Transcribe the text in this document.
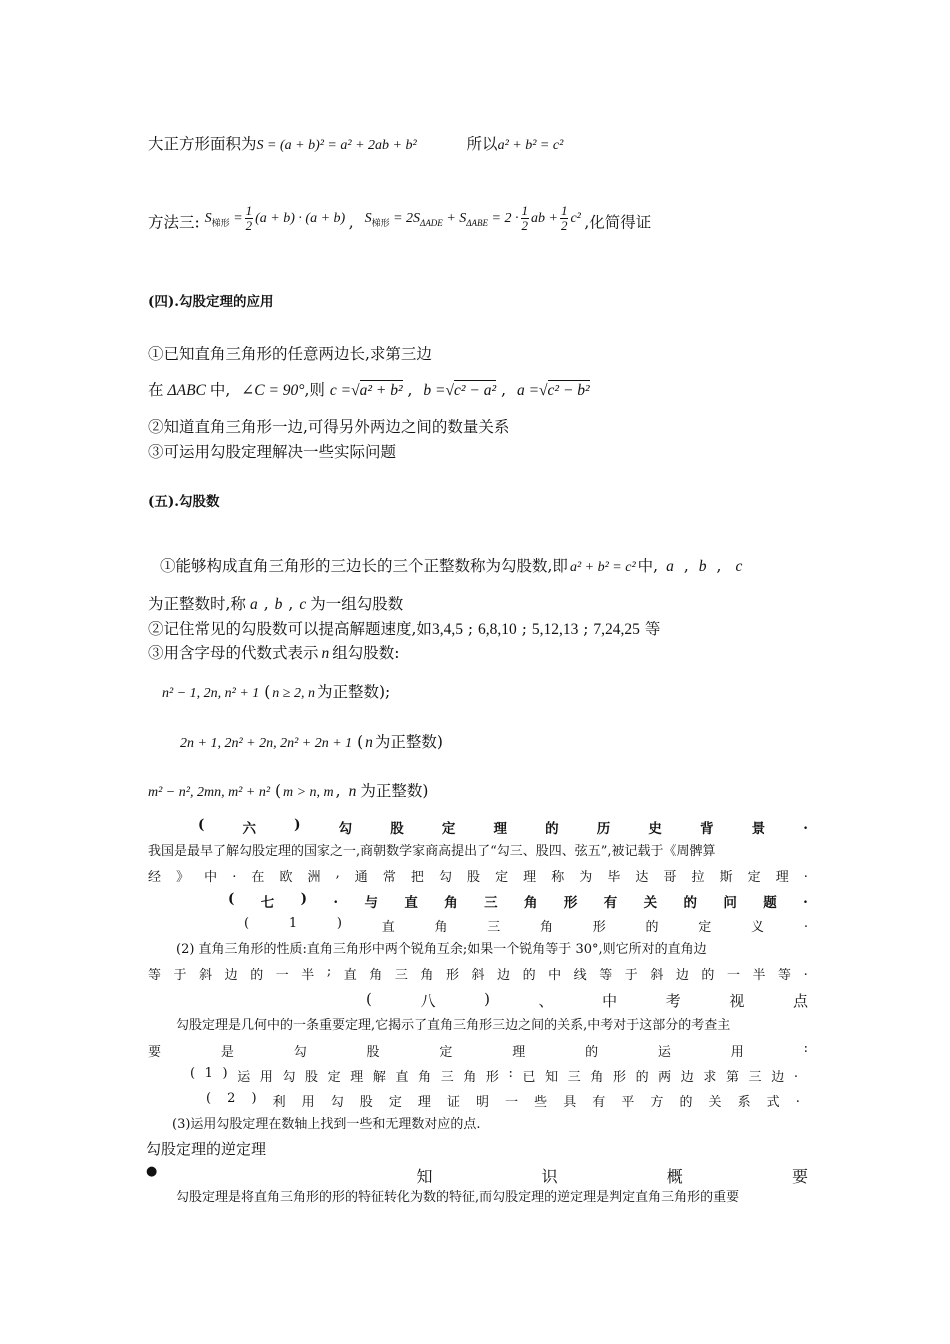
大正方形面积为S = (a + b)² = a² + 2ab + b²	所以a² + b² = c²
方法三: $S_{梯形} = \frac{1}{2} (a + b) \cdot (a + b)$ , $S_{梯形} = 2S_{\Delta ADE} + S_{\Delta ABE} = 2 \cdot \frac{1}{2}$ ab + $\frac{1}{2} c^2$ ,化简得证
(四).勾股定理的应用
①已知直角三角形的任意两边长,求第三边
在 ΔABC 中, ∠C = 90°,则 c =√a² + b² , b =√c² − a² , a =√c² − b²
②知道直角三角形一边,可得另外两边之间的数量关系
③可运用勾股定理解决一些实际问题
(五).勾股数
①能够构成直角三角形的三边长的三个正整数称为勾股数,即 a² + b² = c² 中, a , b , c
为正整数时,称 a , b , c 为一组勾股数
②记住常见的勾股数可以提高解题速度,如3,4,5 ; 6,8,10 ; 5,12,13 ; 7,24,25 等
③用含字母的代数式表示 n 组勾股数:
n² − 1, 2n, n² + 1 ( n ≥ 2, n 为正整数);
2n + 1, 2n² + 2n, 2n² + 2n + 1 ( n 为正整数)
m² − n², 2mn, m² + n² ( m > n, m , n 为正整数)
(	六	)	勾	股	定	理	的	历	史	背	景	.
我国是最早了解勾股定理的国家之一,商朝数学家商高提出了“勾三、股四、弦五”,被记载于《周髀算
经 》 中 . 在 欧 洲 , 通 常 把 勾 股 定 理 称 为 毕 达 哥 拉 斯 定 理 .
( 七 ) . 与 直 角 三 角 形 有 关 的 问 题 .
(	1	)	直	角	三	角	形	的	定	义	.
(2) 直角三角形的性质:直角三角形中两个锐角互余;如果一个锐角等于 30°,则它所对的直角边
等 于 斜 边 的 一 半 ; 直 角 三 角 形 斜 边 的 中 线 等 于 斜 边 的 一 半 等 .
(	八	)	、	中	考	视	点
勾股定理是几何中的一条重要定理,它揭示了直角三角形三边之间的关系,中考对于这部分的考查主
要	是	勾	股	定	理	的	运	用	:
( 1 ) 运 用 勾 股 定 理 解 直 角 三 角 形 : 已 知 三 角 形 的 两 边 求 第 三 边 .
( 2 ) 利 用 勾 股 定 理 证 明 一 些 具 有 平 方 的 关 系 式 .
(3)运用勾股定理在数轴上找到一些和无理数对应的点.
勾股定理的逆定理
●	知	识	概	要
勾股定理是将直角三角形的形的特征转化为数的特征,而勾股定理的逆定理是判定直角三角形的重要
